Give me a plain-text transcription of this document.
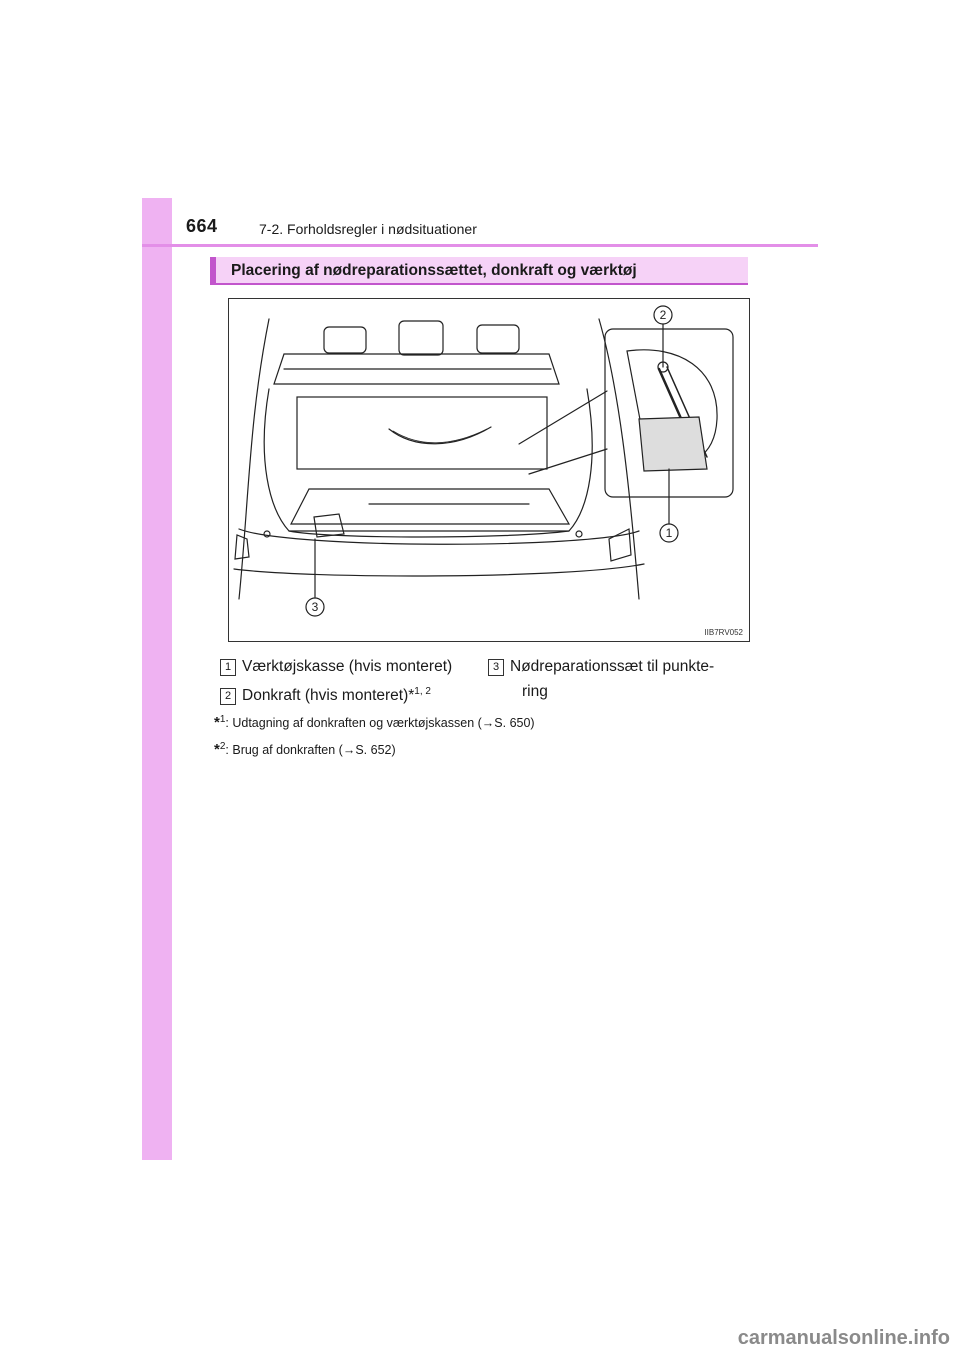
664	7-2. Forholdsregler i nødsituationer
Placering af nødreparationssættet, donkraft og værktøj
2
1
3
IIB7RV052
1 Værktøjskasse (hvis monteret)
2 Donkraft (hvis monteret)*$^{1, 2}$
3 Nødreparationssæt til punkte-
ring
*$^1$: Udtagning af donkraften og værktøjskassen (→S. 650)
*$^2$: Brug af donkraften (→S. 652)
carmanualsonline.info
